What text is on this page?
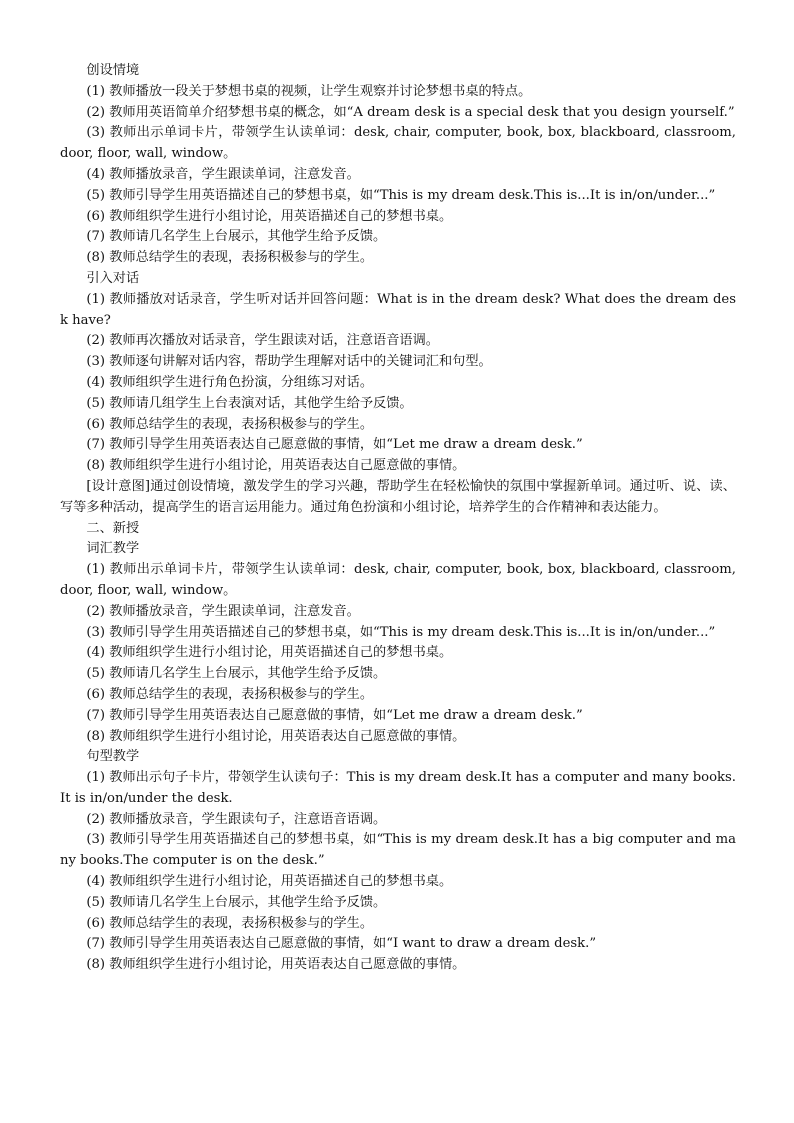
创设情境

(1) 教师播放一段关于梦想书桌的视频，让学生观察并讨论梦想书桌的特点。

(2) 教师用英语简单介绍梦想书桌的概念，如“A dream desk is a special desk that you design yourself.”

(3) 教师出示单词卡片，带领学生认读单词：desk, chair, computer, book, box, blackboard, classroom, door, floor, wall, window。

(4) 教师播放录音，学生跟读单词，注意发音。

(5) 教师引导学生用英语描述自己的梦想书桌，如“This is my dream desk.This is...It is in/on/under...”

(6) 教师组织学生进行小组讨论，用英语描述自己的梦想书桌。

(7) 教师请几名学生上台展示，其他学生给予反馈。

(8) 教师总结学生的表现，表扬积极参与的学生。

引入对话

(1) 教师播放对话录音，学生听对话并回答问题：What is in the dream desk? What does the dream desk have?

(2) 教师再次播放对话录音，学生跟读对话，注意语音语调。

(3) 教师逐句讲解对话内容，帮助学生理解对话中的关键词汇和句型。

(4) 教师组织学生进行角色扮演，分组练习对话。

(5) 教师请几组学生上台表演对话，其他学生给予反馈。

(6) 教师总结学生的表现，表扬积极参与的学生。

(7) 教师引导学生用英语表达自己愿意做的事情，如“Let me draw a dream desk.”

(8) 教师组织学生进行小组讨论，用英语表达自己愿意做的事情。

[设计意图]通过创设情境，激发学生的学习兴趣，帮助学生在轻松愉快的氛围中掌握新单词。通过听、说、读、写等多种活动，提高学生的语言运用能力。通过角色扮演和小组讨论，培养学生的合作精神和表达能力。

二、新授

词汇教学

(1) 教师出示单词卡片，带领学生认读单词：desk, chair, computer, book, box, blackboard, classroom, door, floor, wall, window。

(2) 教师播放录音，学生跟读单词，注意发音。

(3) 教师引导学生用英语描述自己的梦想书桌，如“This is my dream desk.This is...It is in/on/under...”

(4) 教师组织学生进行小组讨论，用英语描述自己的梦想书桌。

(5) 教师请几名学生上台展示，其他学生给予反馈。

(6) 教师总结学生的表现，表扬积极参与的学生。

(7) 教师引导学生用英语表达自己愿意做的事情，如“Let me draw a dream desk.”

(8) 教师组织学生进行小组讨论，用英语表达自己愿意做的事情。

句型教学

(1) 教师出示句子卡片，带领学生认读句子：This is my dream desk.It has a computer and many books.It is in/on/under the desk.

(2) 教师播放录音，学生跟读句子，注意语音语调。

(3) 教师引导学生用英语描述自己的梦想书桌，如“This is my dream desk.It has a big computer and many books.The computer is on the desk.”

(4) 教师组织学生进行小组讨论，用英语描述自己的梦想书桌。

(5) 教师请几名学生上台展示，其他学生给予反馈。

(6) 教师总结学生的表现，表扬积极参与的学生。

(7) 教师引导学生用英语表达自己愿意做的事情，如“I want to draw a dream desk.”

(8) 教师组织学生进行小组讨论，用英语表达自己愿意做的事情。
